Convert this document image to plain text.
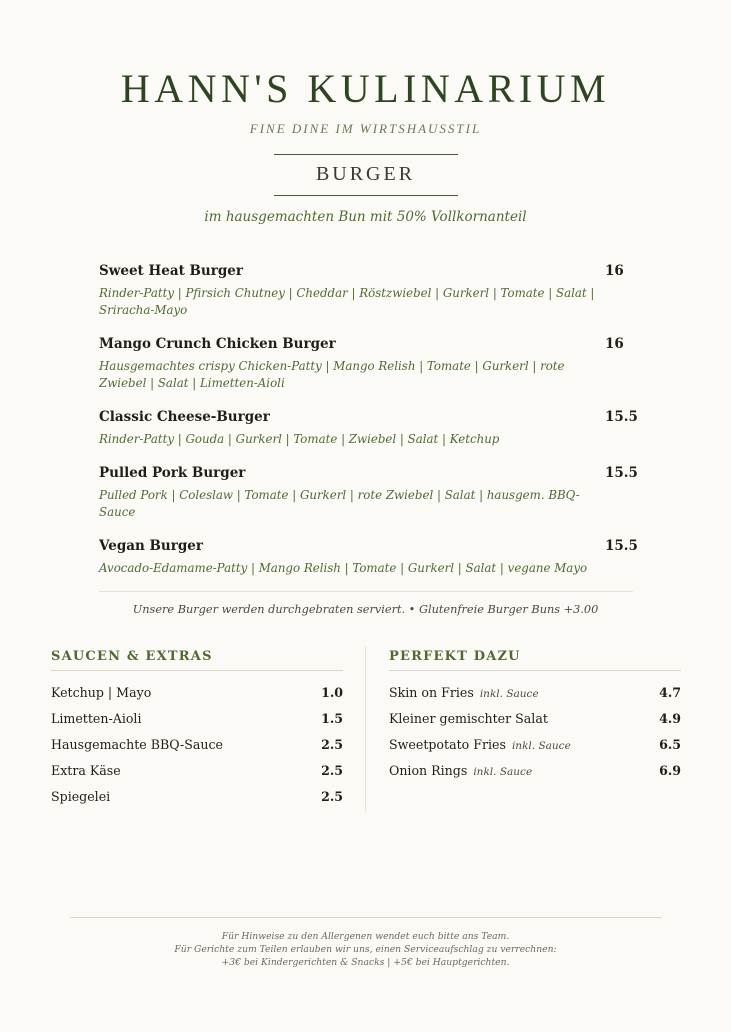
HANN'S KULINARIUM
FINE DINE IM WIRTSHAUSSTIL
BURGER
im hausgemachten Bun mit 50% Vollkornanteil
Sweet Heat Burger	16
Rinder-Patty | Pfirsich Chutney | Cheddar | Röstzwiebel | Gurkerl | Tomate | Salat | Sriracha-Mayo
Mango Crunch Chicken Burger	16
Hausgemachtes crispy Chicken-Patty | Mango Relish | Tomate | Gurkerl | rote Zwiebel | Salat | Limetten-Aioli
Classic Cheese-Burger	15.5
Rinder-Patty | Gouda | Gurkerl | Tomate | Zwiebel | Salat | Ketchup
Pulled Pork Burger	15.5
Pulled Pork | Coleslaw | Tomate | Gurkerl | rote Zwiebel | Salat | hausgem. BBQ-Sauce
Vegan Burger	15.5
Avocado-Edamame-Patty | Mango Relish | Tomate | Gurkerl | Salat | vegane Mayo
Unsere Burger werden durchgebraten serviert. • Glutenfreie Burger Buns +3.00
SAUCEN & EXTRAS
Ketchup | Mayo	1.0
Limetten-Aioli	1.5
Hausgemachte BBQ-Sauce	2.5
Extra Käse	2.5
Spiegelei	2.5
PERFEKT DAZU
Skin on Fries inkl. Sauce	4.7
Kleiner gemischter Salat	4.9
Sweetpotato Fries inkl. Sauce	6.5
Onion Rings inkl. Sauce	6.9
Für Hinweise zu den Allergenen wendet euch bitte ans Team.
Für Gerichte zum Teilen erlauben wir uns, einen Serviceaufschlag zu verrechnen:
+3€ bei Kindergerichten & Snacks | +5€ bei Hauptgerichten.
